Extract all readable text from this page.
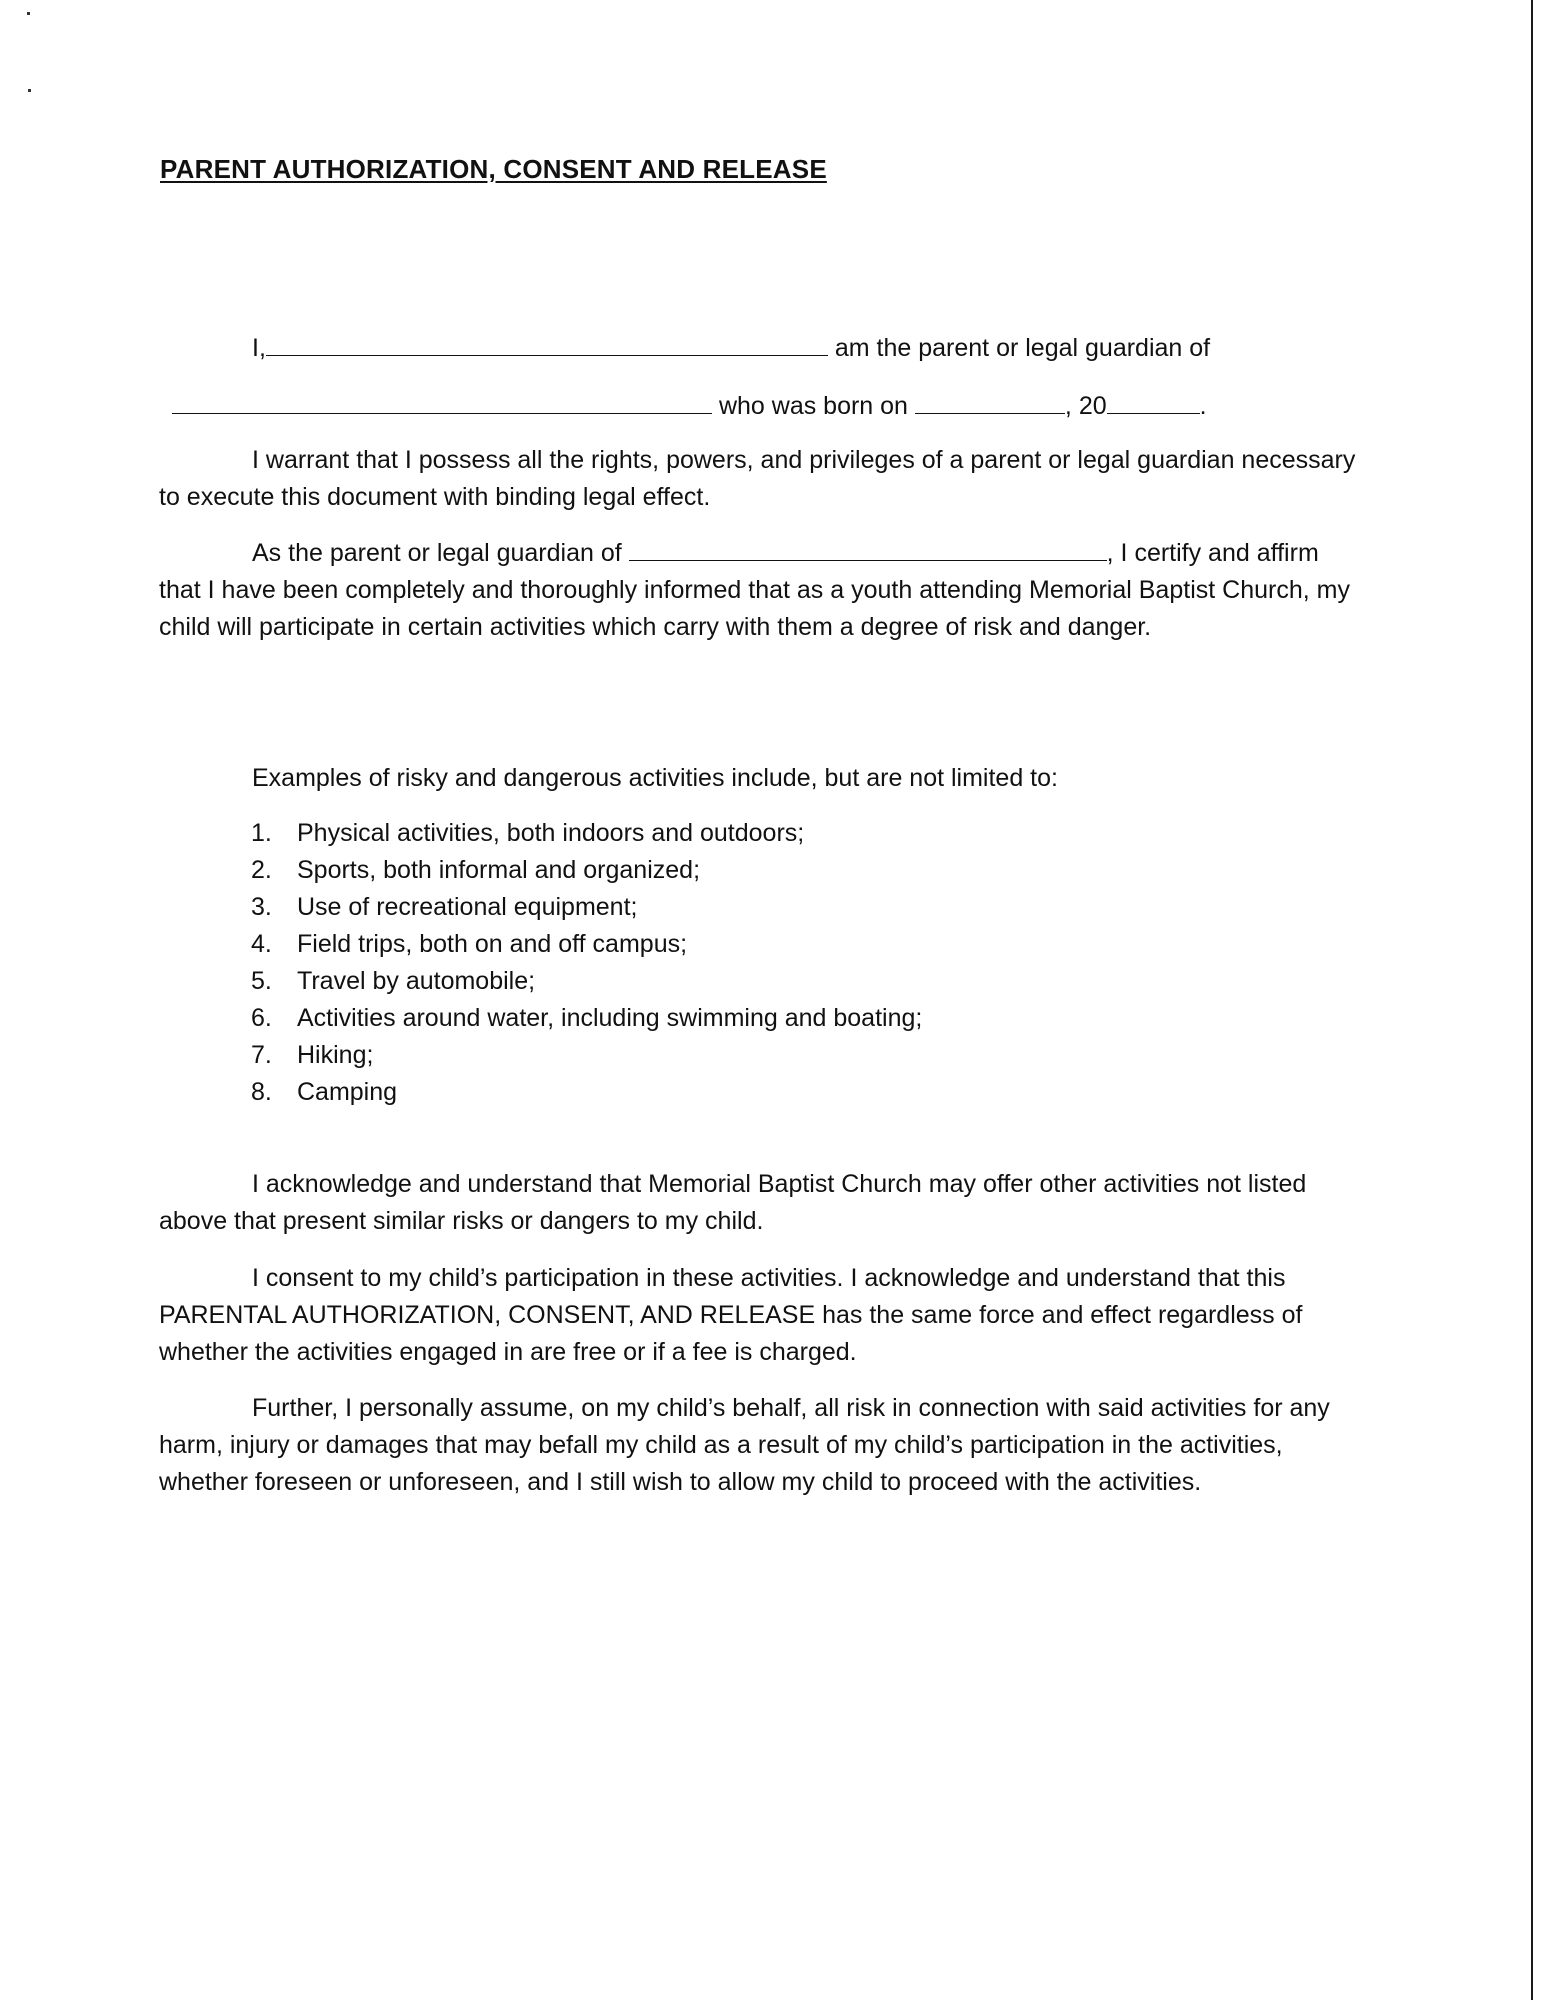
PARENT AUTHORIZATION, CONSENT AND RELEASE
I,	am the parent or legal guardian of
who was born on	, 20	.
I warrant that I possess all the rights, powers, and privileges of a parent or legal guardian necessary to execute this document with binding legal effect.
As the parent or legal guardian of	, I certify and affirm that I have been completely and thoroughly informed that as a youth attending Memorial Baptist Church, my child will participate in certain activities which carry with them a degree of risk and danger.
Examples of risky and dangerous activities include, but are not limited to:
1. Physical activities, both indoors and outdoors;
2. Sports, both informal and organized;
3. Use of recreational equipment;
4. Field trips, both on and off campus;
5. Travel by automobile;
6. Activities around water, including swimming and boating;
7. Hiking;
8. Camping
I acknowledge and understand that Memorial Baptist Church may offer other activities not listed above that present similar risks or dangers to my child.
I consent to my child’s participation in these activities. I acknowledge and understand that this PARENTAL AUTHORIZATION, CONSENT, AND RELEASE has the same force and effect regardless of whether the activities engaged in are free or if a fee is charged.
Further, I personally assume, on my child’s behalf, all risk in connection with said activities for any harm, injury or damages that may befall my child as a result of my child’s participation in the activities, whether foreseen or unforeseen, and I still wish to allow my child to proceed with the activities.
